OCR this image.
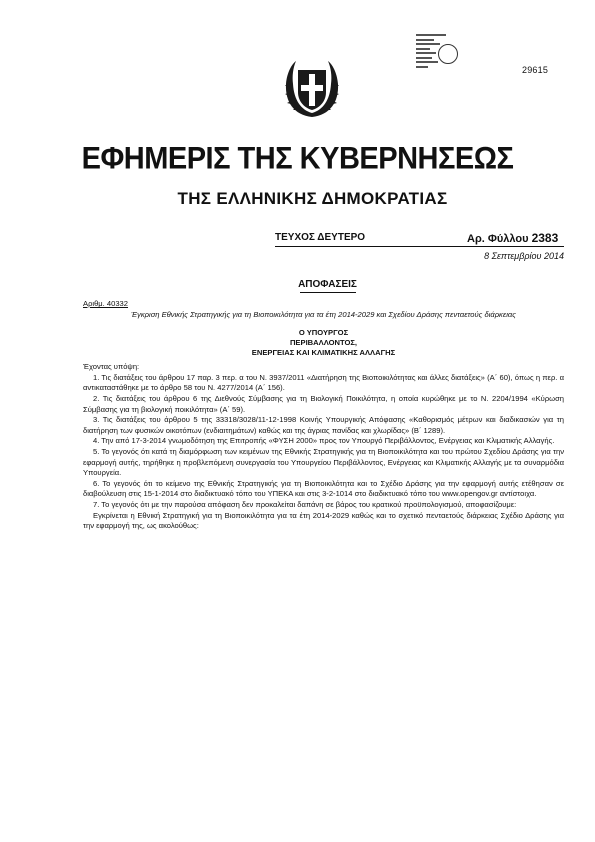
29615
ΕΦΗΜΕΡΙΣ ΤΗΣ ΚΥΒΕΡΝΗΣΕΩΣ
ΤΗΣ ΕΛΛΗΝΙΚΗΣ ΔΗΜΟΚΡΑΤΙΑΣ
ΤΕΥΧΟΣ ΔΕΥΤΕΡΟ	Αρ. Φύλλου 2383
8 Σεπτεμβρίου 2014
ΑΠΟΦΑΣΕΙΣ

Αριθμ. 40332

Έγκριση Εθνικής Στρατηγικής για τη Βιοποικιλότητα για τα έτη 2014-2029 και Σχεδίου Δράσης πενταετούς διάρκειας

Ο ΥΠΟΥΡΓΟΣ
ΠΕΡΙΒΑΛΛΟΝΤΟΣ,
ΕΝΕΡΓΕΙΑΣ ΚΑΙ ΚΛΙΜΑΤΙΚΗΣ ΑΛΛΑΓΗΣ

Έχοντας υπόψη:

1. Τις διατάξεις του άρθρου 17 παρ. 3 περ. α του Ν. 3937/2011 «Διατήρηση της Βιοποικιλότητας και άλλες διατάξεις» (Α΄ 60), όπως η περ. α αντικαταστάθηκε με το άρθρο 58 του Ν. 4277/2014 (Α΄ 156).

2. Τις διατάξεις του άρθρου 6 της Διεθνούς Σύμβασης για τη Βιολογική Ποικιλότητα, η οποία κυρώθηκε με το Ν. 2204/1994 «Κύρωση Σύμβασης για τη βιολογική ποικιλότητα» (Α΄ 59).

3. Τις διατάξεις του άρθρου 5 της 33318/3028/11-12-1998 Κοινής Υπουργικής Απόφασης «Καθορισμός μέτρων και διαδικασιών για τη διατήρηση των φυσικών οικοτόπων (ενδιαιτημάτων) καθώς και της άγριας πανίδας και χλωρίδας» (Β΄ 1289).

4. Την από 17-3-2014 γνωμοδότηση της Επιτροπής «ΦΥΣΗ 2000» προς τον Υπουργό Περιβάλλοντος, Ενέργειας και Κλιματικής Αλλαγής.

5. Το γεγονός ότι κατά τη διαμόρφωση των κειμένων της Εθνικής Στρατηγικής για τη Βιοποικιλότητα και του πρώτου Σχεδίου Δράσης για την εφαρμογή αυτής, τηρήθηκε η προβλεπόμενη συνεργασία του Υπουργείου Περιβάλλοντος, Ενέργειας και Κλιματικής Αλλαγής με τα συναρμόδια Υπουργεία.

6. Το γεγονός ότι το κείμενο της Εθνικής Στρατηγικής για τη Βιοποικιλότητα και το Σχέδιο Δράσης για την εφαρμογή αυτής ετέθησαν σε διαβούλευση στις 15-1-2014 στο διαδικτυακό τόπο του ΥΠΕΚΑ και στις 3-2-1014 στο διαδικτυακό τόπο του www.opengov.gr αντίστοιχα.

7. Το γεγονός ότι με την παρούσα απόφαση δεν προκαλείται δαπάνη σε βάρος του κρατικού προϋπολογισμού, αποφασίζουμε:

Εγκρίνεται η Εθνική Στρατηγική για τη Βιοποικιλότητα για τα έτη 2014-2029 καθώς και το σχετικό πενταετούς διάρκειας Σχέδιο Δράσης για την εφαρμογή της, ως ακολούθως:
